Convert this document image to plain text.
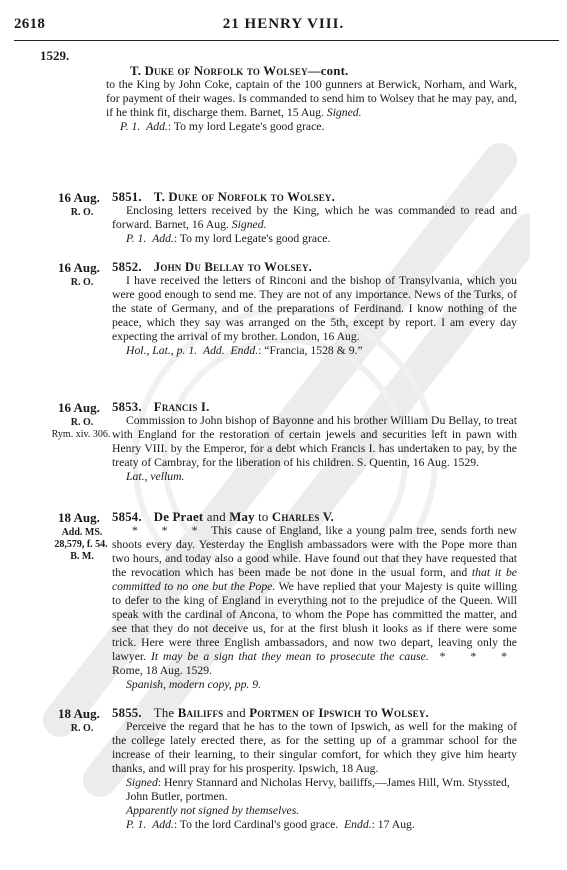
2618	21 HENRY VIII.
1529.
T. Duke of Norfolk to Wolsey—cont.
to the King by John Coke, captain of the 100 gunners at Berwick, Norham, and Wark, for payment of their wages. Is commanded to send him to Wolsey that he may pay, and, if he think fit, discharge them. Barnet, 15 Aug. Signed.
P. 1. Add.: To my lord Legate's good grace.
16 Aug.
R. O.
5851. T. Duke of Norfolk to Wolsey.
Enclosing letters received by the King, which he was commanded to read and forward. Barnet, 16 Aug. Signed.
P. 1. Add.: To my lord Legate's good grace.
16 Aug.
R. O.
5852. John Du Bellay to Wolsey.
I have received the letters of Rinconi and the bishop of Transylvania, which you were good enough to send me. They are not of any importance. News of the Turks, of the state of Germany, and of the preparations of Ferdinand. I know nothing of the peace, which they say was arranged on the 5th, except by report. I am every day expecting the arrival of my brother. London, 16 Aug.
Hol., Lat., p. 1. Add. Endd.: “Francia, 1528 & 9.”
16 Aug.
R. O.
Rym. xiv. 306.
5853. Francis I.
Commission to John bishop of Bayonne and his brother William Du Bellay, to treat with England for the restoration of certain jewels and securities left in pawn with Henry VIII. by the Emperor, for a debt which Francis I. has undertaken to pay, by the treaty of Cambray, for the liberation of his children. S. Quentin, 16 Aug. 1529.
Lat., vellum.
18 Aug.
Add. MS.
28,579, f. 54.
B. M.
5854. De Praet and May to Charles V.
* * * This cause of England, like a young palm tree, sends forth new shoots every day. Yesterday the English ambassadors were with the Pope more than two hours, and today also a good while. Have found out that they have requested that the revocation which has been made be not done in the usual form, and that it be committed to no one but the Pope. We have replied that your Majesty is quite willing to defer to the king of England in everything not to the prejudice of the Queen. Will speak with the cardinal of Ancona, to whom the Pope has committed the matter, and see that they do not deceive us, for at the first blush it looks as if there were some trick. Here were three English ambassadors, and now two depart, leaving only the lawyer. It may be a sign that they mean to prosecute the cause. * * * Rome, 18 Aug. 1529.
Spanish, modern copy, pp. 9.
18 Aug.
R. O.
5855. The Bailiffs and Portmen of Ipswich to Wolsey.
Perceive the regard that he has to the town of Ipswich, as well for the making of the college lately erected there, as for the setting up of a grammar school for the increase of their learning, to their singular comfort, for which they give him hearty thanks, and will pray for his prosperity. Ipswich, 18 Aug.
Signed: Henry Stannard and Nicholas Hervy, bailiffs,—James Hill, Wm. Styssted, John Butler, portmen.
Apparently not signed by themselves.
P. 1. Add.: To the lord Cardinal's good grace. Endd.: 17 Aug.
